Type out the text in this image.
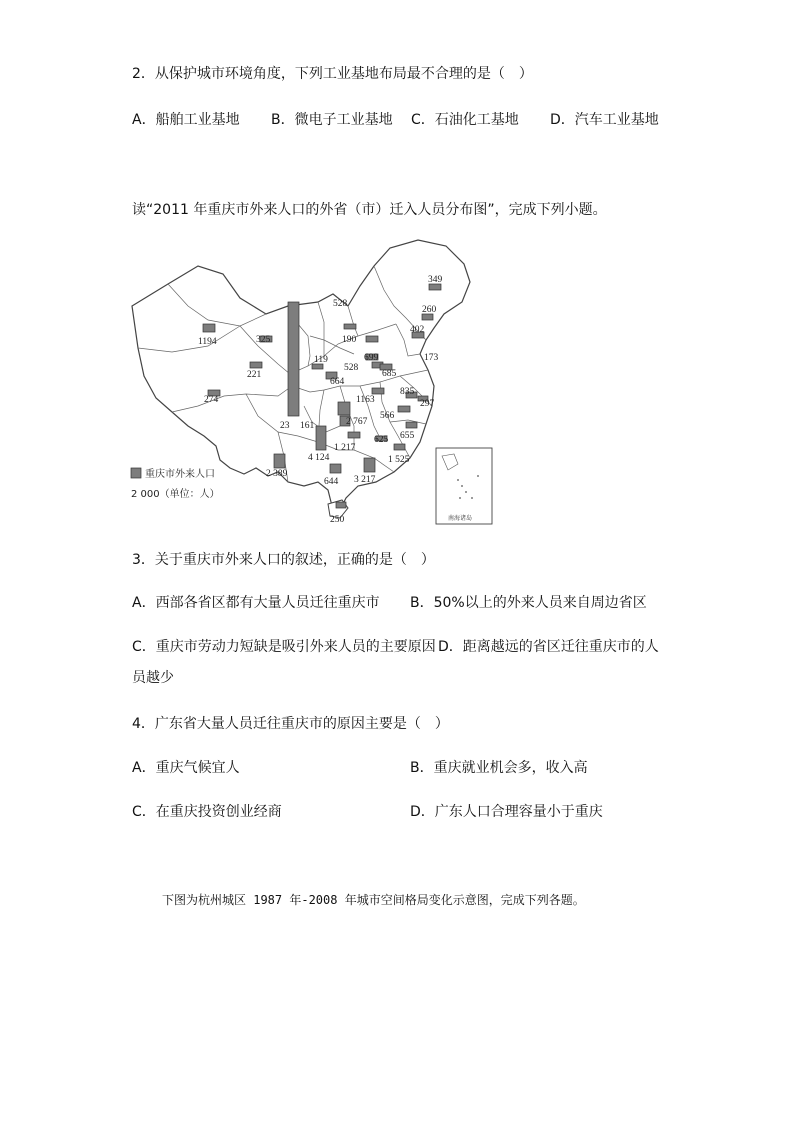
2．从保护城市环境角度，下列工业基地布局最不合理的是（　）
A．船舶工业基地 B．微电子工业基地 C．石油化工基地 D．汽车工业基地
读“2011 年重庆市外来人口的外省（市）迁入人员分布图”，完成下列小题。
1194	325
221
274
23
528
190
119
664
528
699
685
402
173
349
260
161
1163
835
297
566
2 767
1 217
625
1 525
655
4 124
2 389
644 3 217
250
重庆市外来人口
2 000（单位：人）
南海诸岛
3．关于重庆市外来人口的叙述，正确的是（　）
A．西部各省区都有大量人员迁往重庆市 B．50%以上的外来人员来自周边省区
C．重庆市劳动力短缺是吸引外来人员的主要原因 D．距离越远的省区迁往重庆市的人
员越少
4．广东省大量人员迁往重庆市的原因主要是（　）
A．重庆气候宜人	B．重庆就业机会多，收入高
C．在重庆投资创业经商	D．广东人口合理容量小于重庆
下图为杭州城区 1987 年-2008 年城市空间格局变化示意图，完成下列各题。
